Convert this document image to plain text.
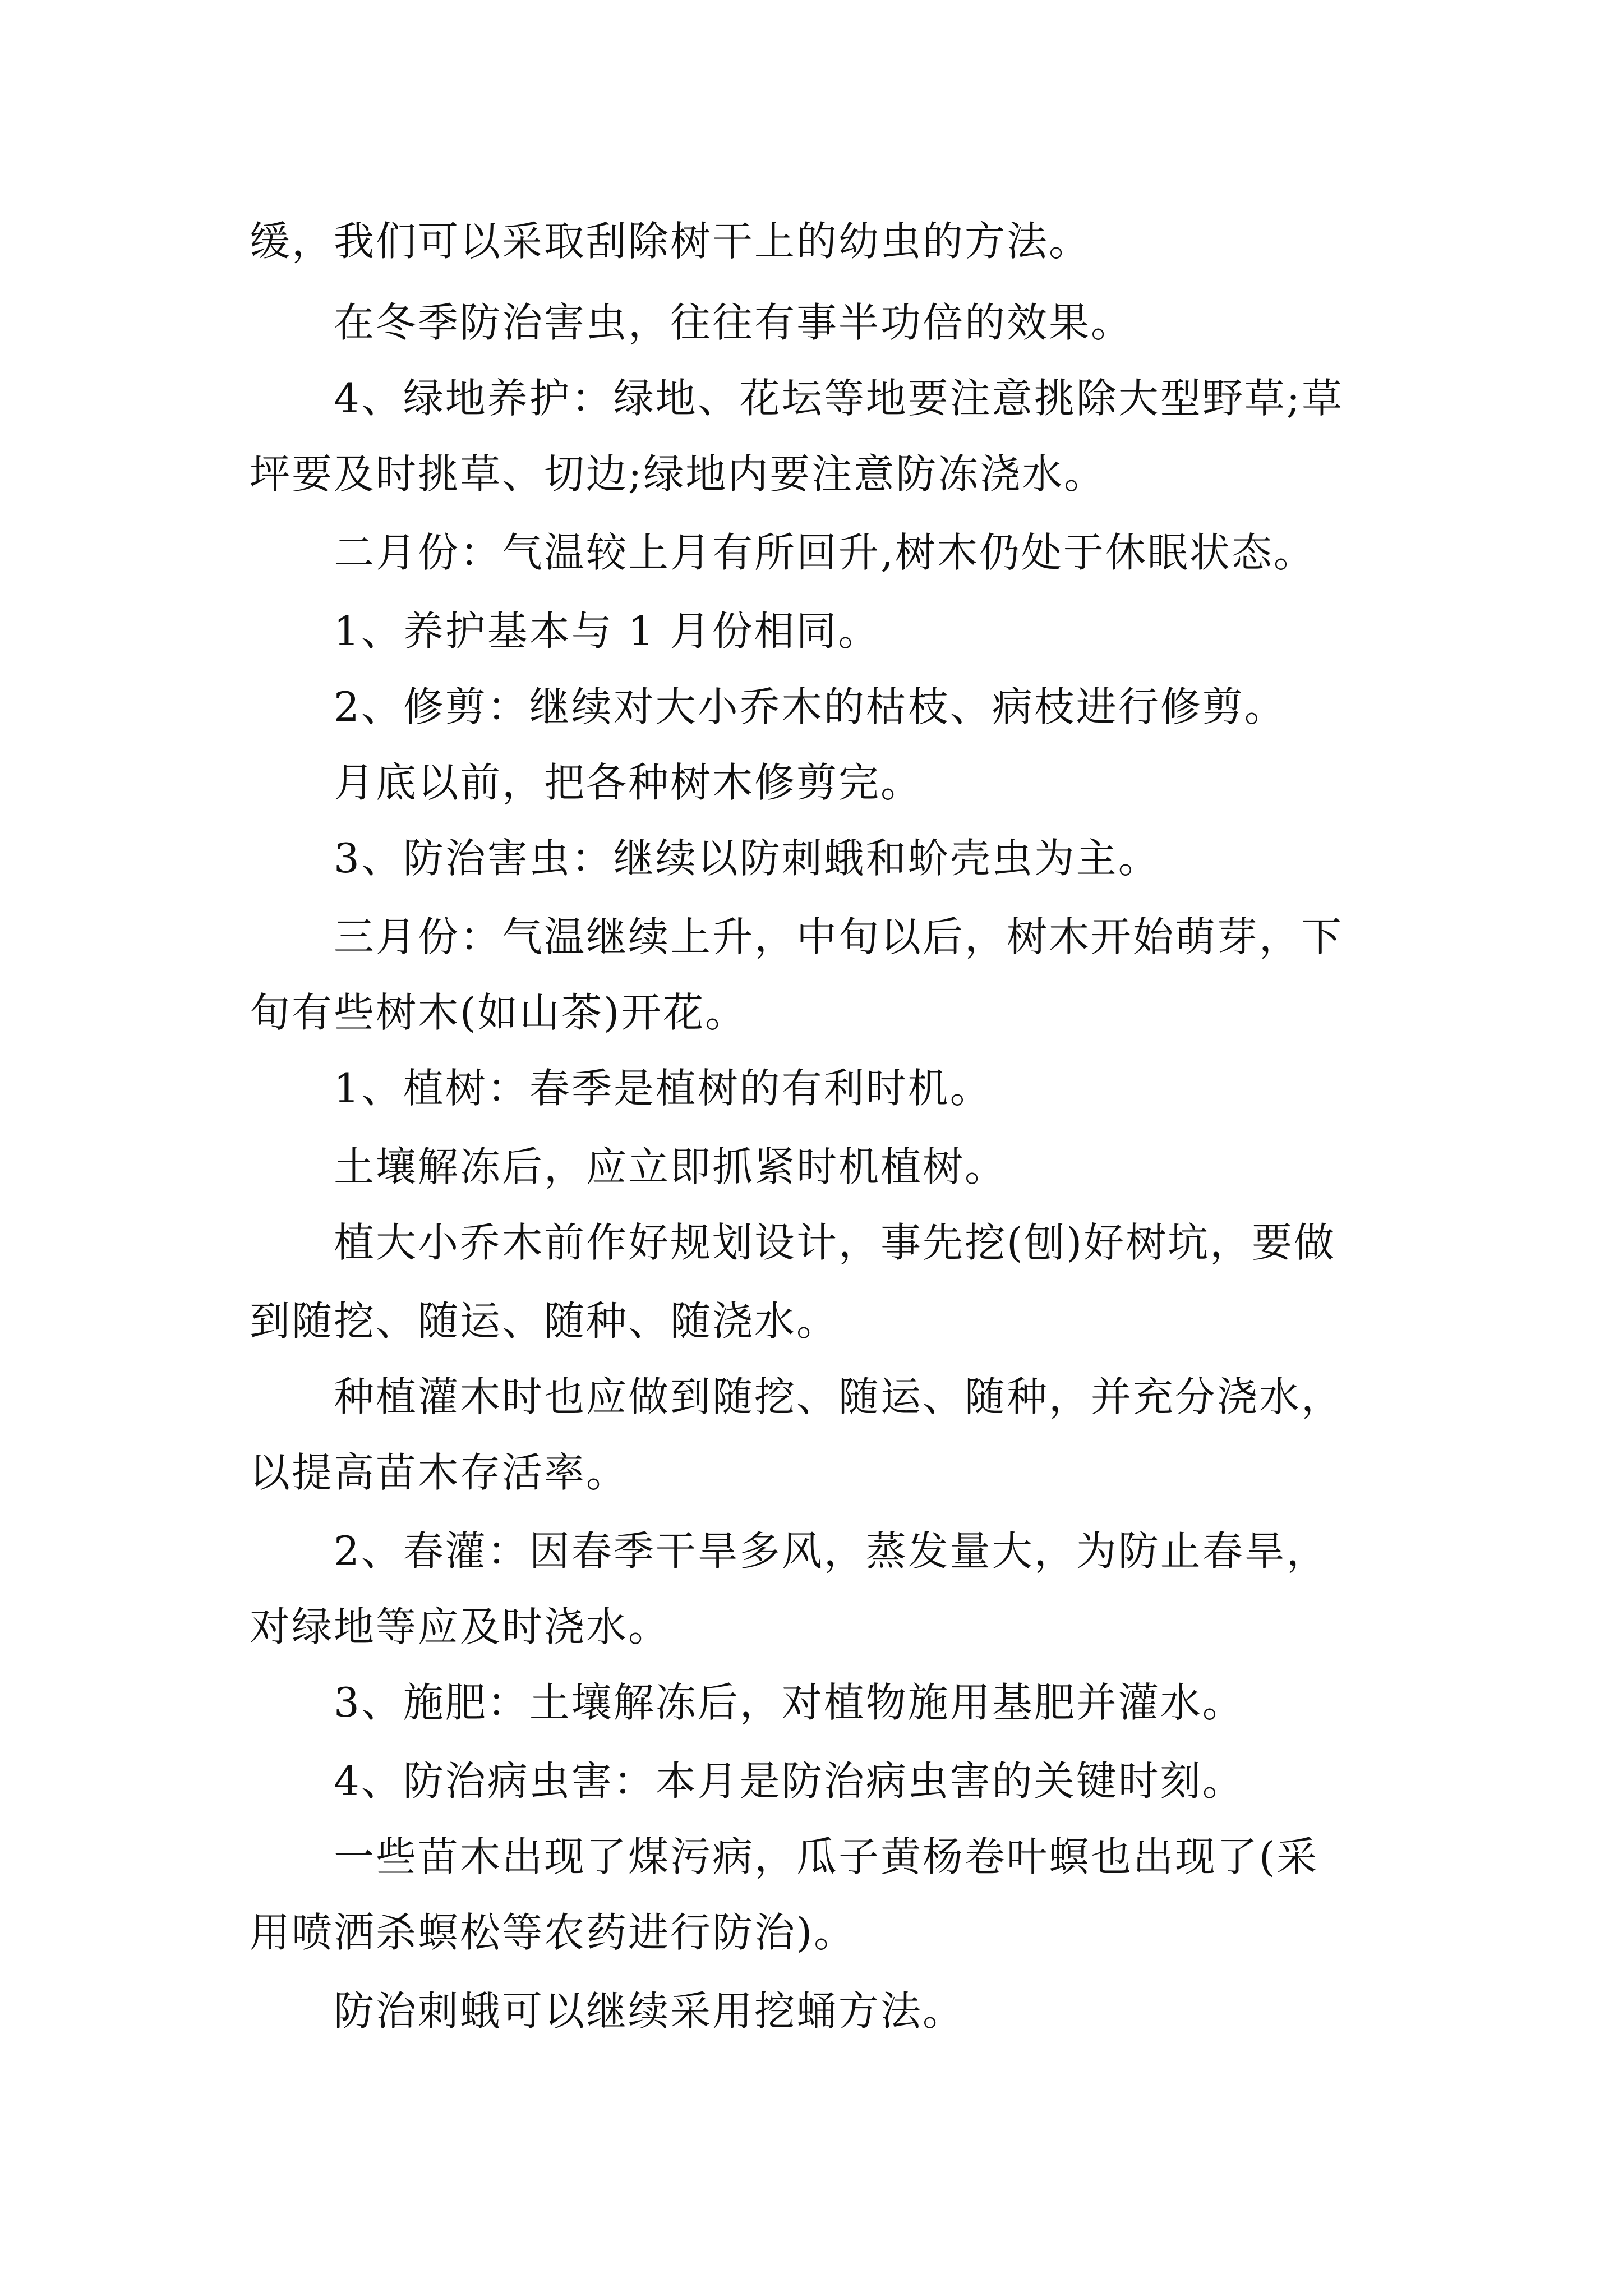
缓，我们可以采取刮除树干上的幼虫的方法。
在冬季防治害虫，往往有事半功倍的效果。
4、绿地养护：绿地、花坛等地要注意挑除大型野草;草
坪要及时挑草、切边;绿地内要注意防冻浇水。
二月份：气温较上月有所回升,树木仍处于休眠状态。
1、养护基本与 1 月份相同。
2、修剪：继续对大小乔木的枯枝、病枝进行修剪。
月底以前，把各种树木修剪完。
3、防治害虫：继续以防刺蛾和蚧壳虫为主。
三月份：气温继续上升，中旬以后，树木开始萌芽，下
旬有些树木(如山茶)开花。
1、植树：春季是植树的有利时机。
土壤解冻后，应立即抓紧时机植树。
植大小乔木前作好规划设计，事先挖(刨)好树坑，要做
到随挖、随运、随种、随浇水。
种植灌木时也应做到随挖、随运、随种，并充分浇水，
以提高苗木存活率。
2、春灌：因春季干旱多风，蒸发量大，为防止春旱，
对绿地等应及时浇水。
3、施肥：土壤解冻后，对植物施用基肥并灌水。
4、防治病虫害：本月是防治病虫害的关键时刻。
一些苗木出现了煤污病，瓜子黄杨卷叶螟也出现了(采
用喷洒杀螟松等农药进行防治)。
防治刺蛾可以继续采用挖蛹方法。
